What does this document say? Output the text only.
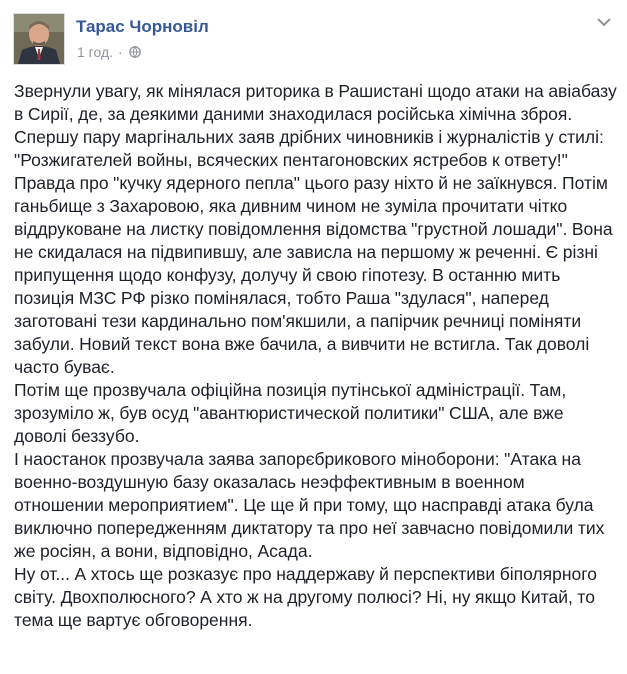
Тарас Чорновіл
1 год. ·

Звернули увагу, як мінялася риторика в Рашистані щодо атаки на авіабазу в Сирії, де, за деякими даними знаходилася російська хімічна зброя. Спершу пару маргінальних заяв дрібних чиновників і журналістів у стилі: "Розжигателей войны, всяческих пентагоновских ястребов к ответу!" Правда про "кучку ядерного пепла" цього разу ніхто й не заїкнувся. Потім ганьбище з Захаровою, яка дивним чином не зуміла прочитати чітко віддруковане на листку повідомлення відомства "грустной лошади". Вона не скидалася на підвипившу, але зависла на першому ж реченні. Є різні припущення щодо конфузу, долучу й свою гіпотезу. В останню мить позиція МЗС РФ різко помінялася, тобто Раша "здулася", наперед заготовані тези кардинально пом'якшили, а папірчик речниці поміняти забули. Новий текст вона вже бачила, а вивчити не встигла. Так доволі часто буває.

Потім ще прозвучала офіційна позиція путінської адміністрації. Там, зрозуміло ж, був осуд "авантюристической политики" США, але вже доволі беззубо.

І наостанок прозвучала заява запорєбрикового міноборони: "Атака на военно-воздушную базу оказалась неэффективным в военном отношении мероприятием". Це ще й при тому, що насправді атака була виключно попередженням диктатору та про неї завчасно повідомили тих же росіян, а вони, відповідно, Асада.

Ну от... А хтось ще розказує про наддержаву й перспективи біполярного світу. Двохполюсного? А хто ж на другому полюсі? Ні, ну якщо Китай, то тема ще вартує обговорення.
